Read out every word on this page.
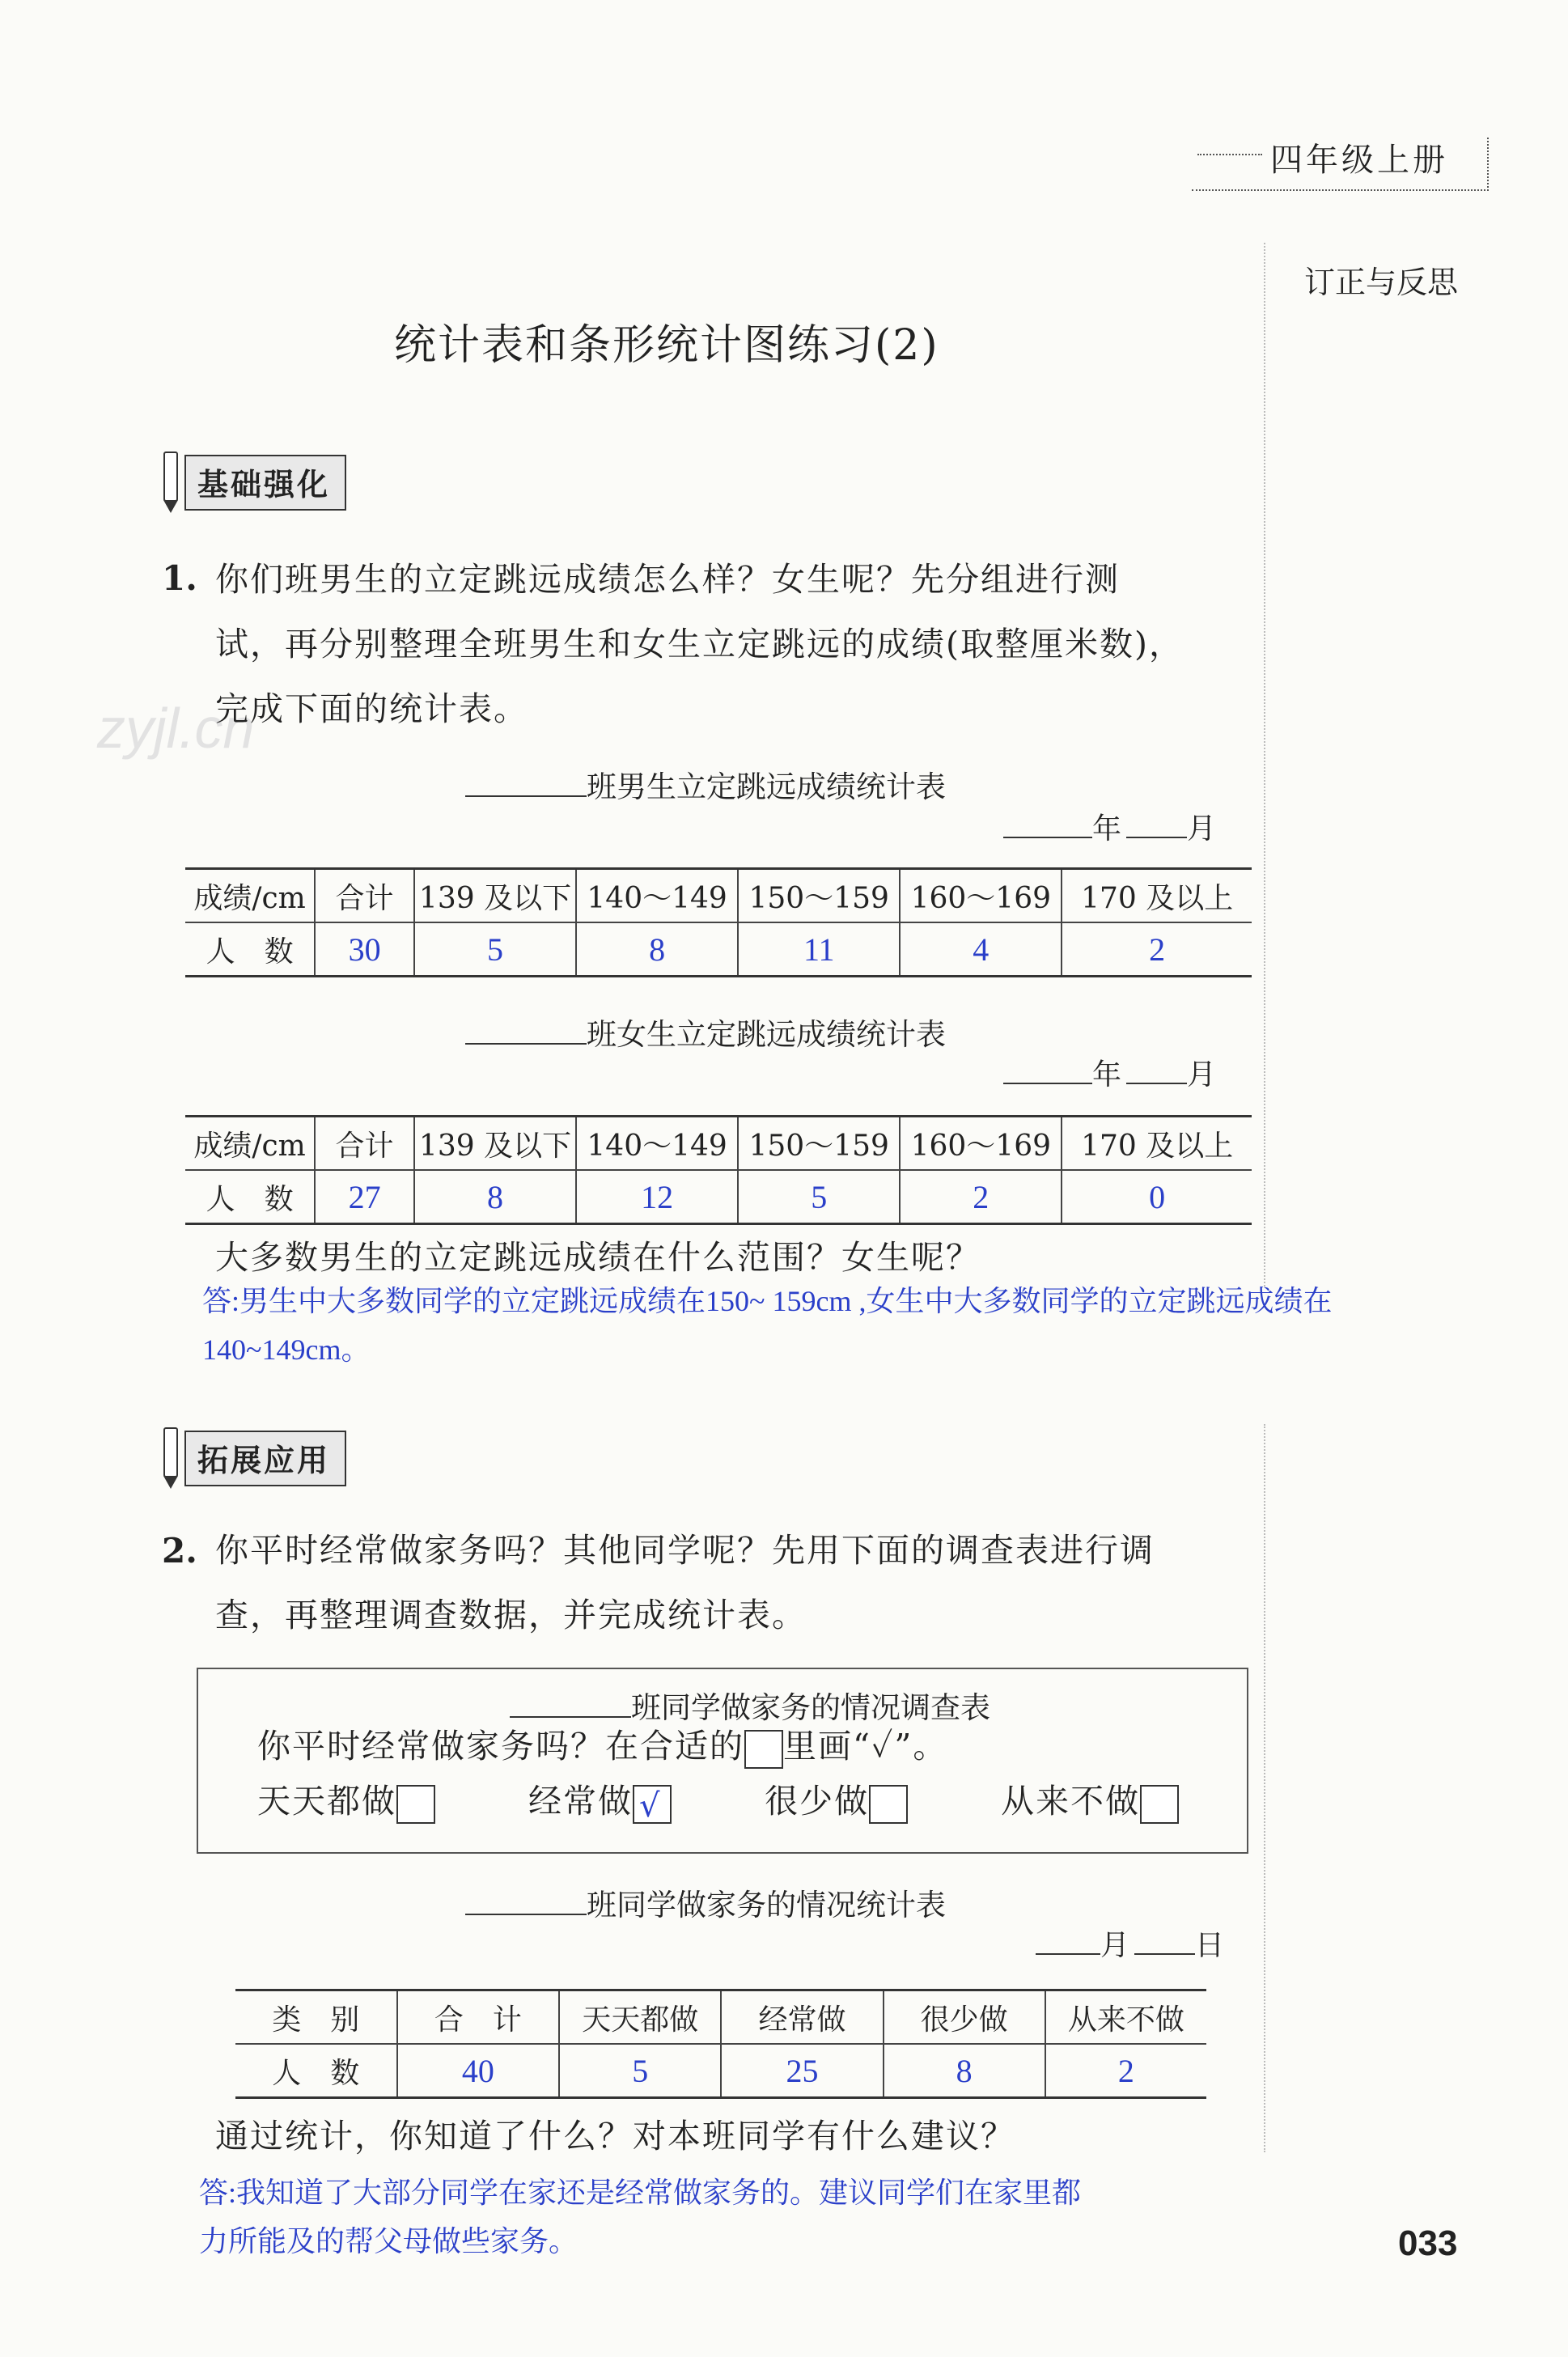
zyjl.cn
四年级上册
订正与反思
统计表和条形统计图练习(2)
基础强化
1. 你们班男生的立定跳远成绩怎么样？女生呢？先分组进行测
试，再分别整理全班男生和女生立定跳远的成绩(取整厘米数)，
完成下面的统计表。
班男生立定跳远成绩统计表
年 月
成绩/cm	合计	139 及以下	140～149	150～159	160～169	170 及以上
人　数	30	5	8	11	4	2
班女生立定跳远成绩统计表
年 月
成绩/cm	合计	139 及以下	140～149	150～159	160～169	170 及以上
人　数	27	8	12	5	2	0
大多数男生的立定跳远成绩在什么范围？女生呢？
答:男生中大多数同学的立定跳远成绩在150~ 159cm ,女生中大多数同学的立定跳远成绩在
140~149cm。
拓展应用
2. 你平时经常做家务吗？其他同学呢？先用下面的调查表进行调
查，再整理调查数据，并完成统计表。
班同学做家务的情况调查表
你平时经常做家务吗？在合适的 里画“✓”。
天天都做	经常做 √	很少做	从来不做
班同学做家务的情况统计表
月 日
类　别	合　计	天天都做	经常做	很少做	从来不做
人　数	40	5	25	8	2
通过统计，你知道了什么？对本班同学有什么建议？
答:我知道了大部分同学在家还是经常做家务的。建议同学们在家里都
力所能及的帮父母做些家务。	033
